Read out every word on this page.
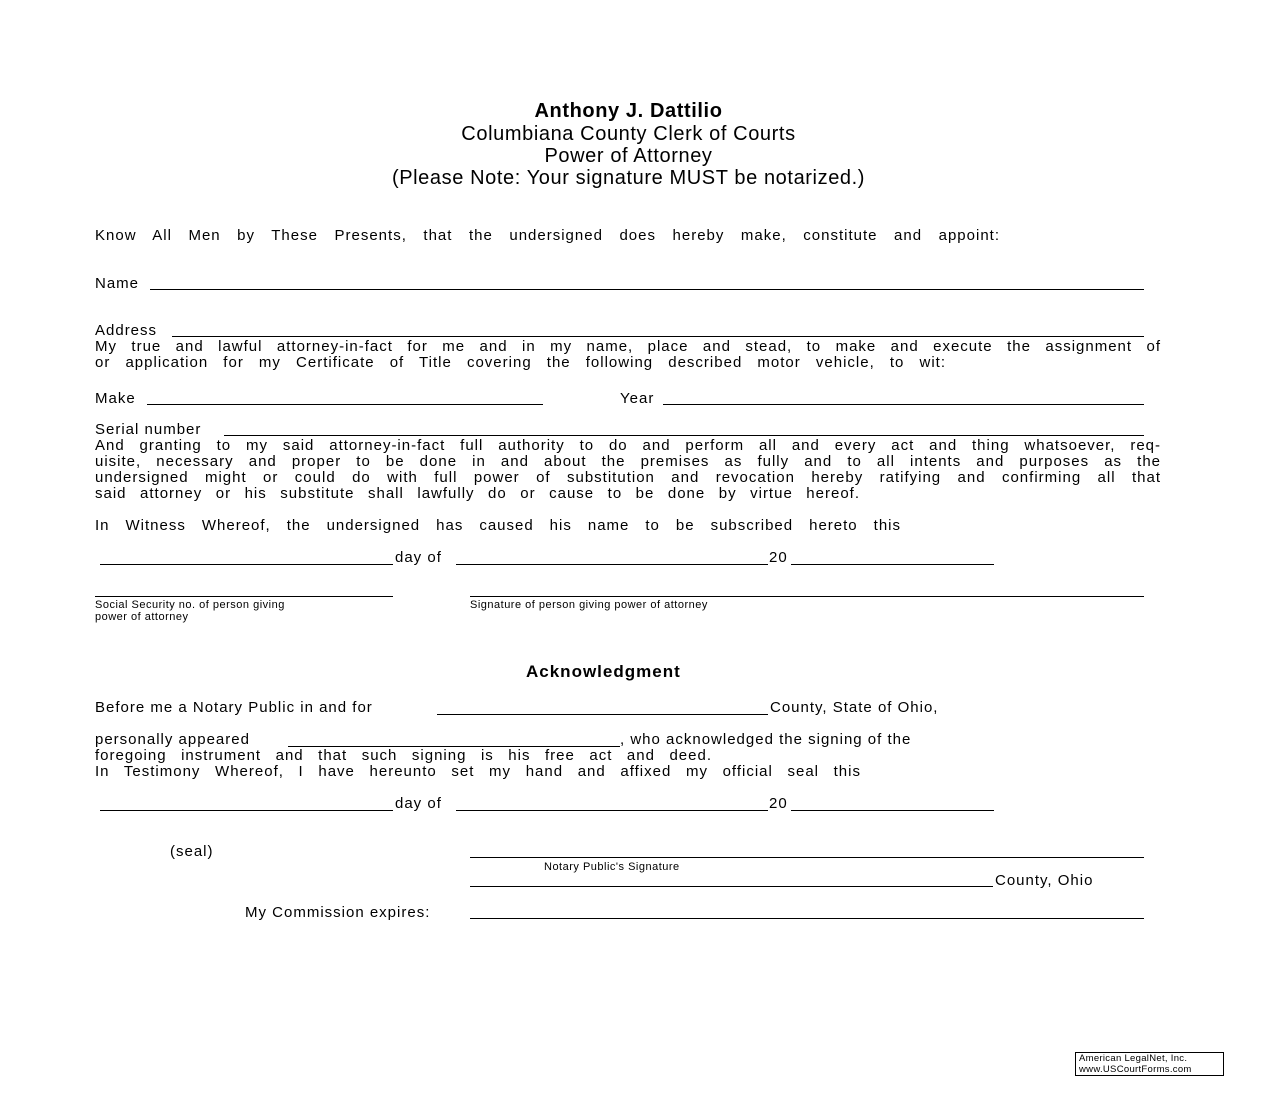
Anthony J. Dattilio
Columbiana County Clerk of Courts
Power of Attorney
(Please Note: Your signature MUST be notarized.)
Know All Men by These Presents, that the undersigned does hereby make, constitute and appoint:
Name
Address
My true and lawful attorney-in-fact for me and in my name, place and stead, to make and execute the assignment of
or application for my Certificate of Title covering the following described motor vehicle, to wit:
Make	Year
Serial number
And granting to my said attorney-in-fact full authority to do and perform all and every act and thing whatsoever, req-
uisite, necessary and proper to be done in and about the premises as fully and to all intents and purposes as the
undersigned might or could do with full power of substitution and revocation hereby ratifying and confirming all that
said attorney or his substitute shall lawfully do or cause to be done by virtue hereof.
In Witness Whereof, the undersigned has caused his name to be subscribed hereto this
day of	20
Social Security no. of person giving
power of attorney
Signature of person giving power of attorney
Acknowledgment
Before me a Notary Public in and for	County, State of Ohio,
personally appeared	, who acknowledged the signing of the
foregoing instrument and that such signing is his free act and deed.
In Testimony Whereof, I have hereunto set my hand and affixed my official seal this
day of	20
(seal)
Notary Public's Signature
County, Ohio
My Commission expires:
American LegalNet, Inc.
www.USCourtForms.com
